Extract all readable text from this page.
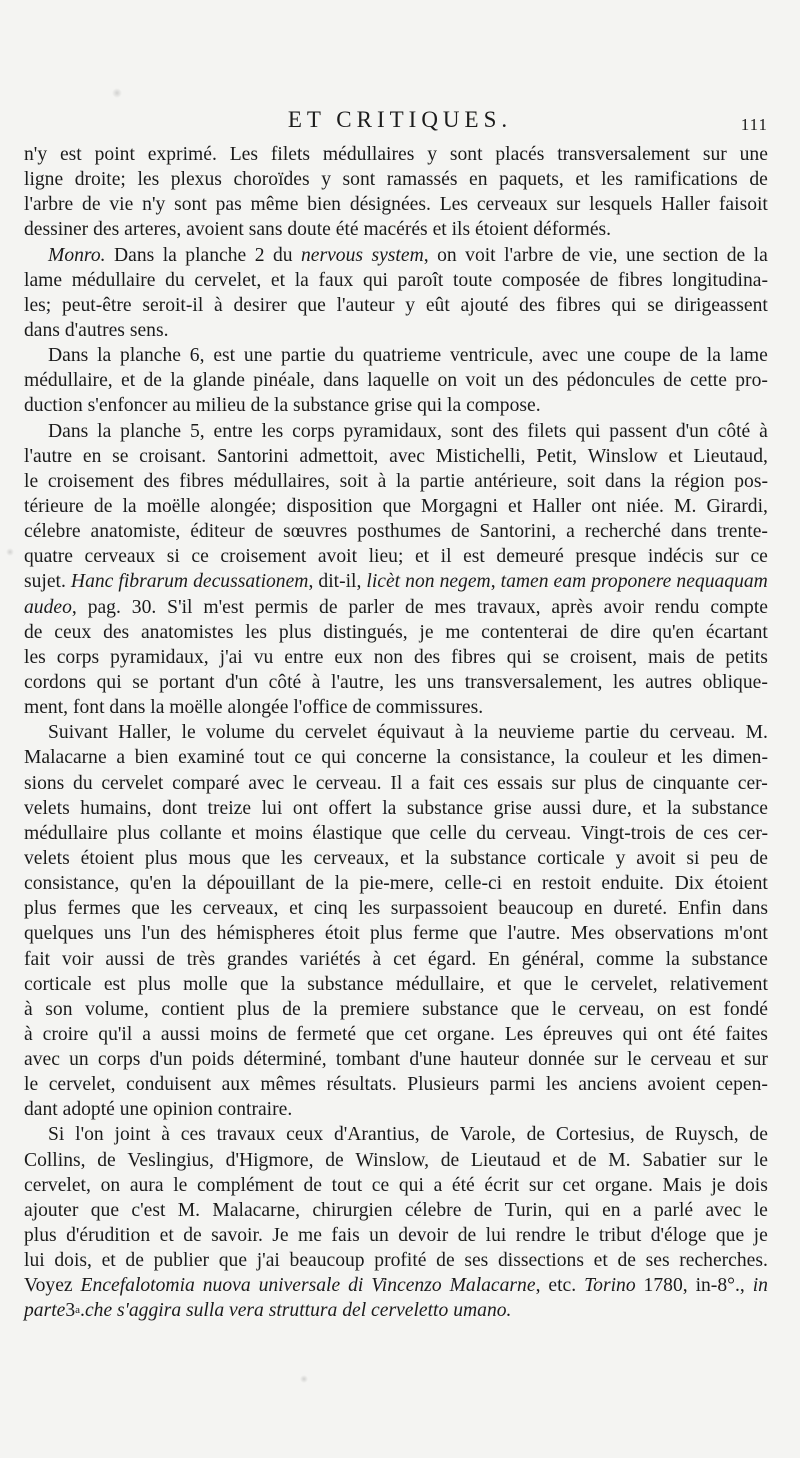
ET CRITIQUES.	111
n'y est point exprimé. Les filets médullaires y sont placés transversalement sur une
ligne droite; les plexus choroïdes y sont ramassés en paquets, et les ramifications de
l'arbre de vie n'y sont pas même bien désignées. Les cerveaux sur lesquels Haller faisoit
dessiner des arteres, avoient sans doute été macérés et ils étoient déformés.
Monro. Dans la planche 2 du nervous system, on voit l'arbre de vie, une section de la
lame médullaire du cervelet, et la faux qui paroît toute composée de fibres longitudina-
les; peut-être seroit-il à desirer que l'auteur y eût ajouté des fibres qui se dirigeassent
dans d'autres sens.
Dans la planche 6, est une partie du quatrieme ventricule, avec une coupe de la lame
médullaire, et de la glande pinéale, dans laquelle on voit un des pédoncules de cette pro-
duction s'enfoncer au milieu de la substance grise qui la compose.
Dans la planche 5, entre les corps pyramidaux, sont des filets qui passent d'un côté à
l'autre en se croisant. Santorini admettoit, avec Mistichelli, Petit, Winslow et Lieutaud,
le croisement des fibres médullaires, soit à la partie antérieure, soit dans la région pos-
térieure de la moëlle alongée; disposition que Morgagni et Haller ont niée. M. Girardi,
célebre anatomiste, éditeur de sœuvres posthumes de Santorini, a recherché dans trente-
quatre cerveaux si ce croisement avoit lieu; et il est demeuré presque indécis sur ce
sujet. Hanc fibrarum decussationem, dit-il, licèt non negem, tamen eam proponere nequaquam
audeo, pag. 30. S'il m'est permis de parler de mes travaux, après avoir rendu compte
de ceux des anatomistes les plus distingués, je me contenterai de dire qu'en écartant
les corps pyramidaux, j'ai vu entre eux non des fibres qui se croisent, mais de petits
cordons qui se portant d'un côté à l'autre, les uns transversalement, les autres oblique-
ment, font dans la moëlle alongée l'office de commissures.
Suivant Haller, le volume du cervelet équivaut à la neuvieme partie du cerveau. M.
Malacarne a bien examiné tout ce qui concerne la consistance, la couleur et les dimen-
sions du cervelet comparé avec le cerveau. Il a fait ces essais sur plus de cinquante cer-
velets humains, dont treize lui ont offert la substance grise aussi dure, et la substance
médullaire plus collante et moins élastique que celle du cerveau. Vingt-trois de ces cer-
velets étoient plus mous que les cerveaux, et la substance corticale y avoit si peu de
consistance, qu'en la dépouillant de la pie-mere, celle-ci en restoit enduite. Dix étoient
plus fermes que les cerveaux, et cinq les surpassoient beaucoup en dureté. Enfin dans
quelques uns l'un des hémispheres étoit plus ferme que l'autre. Mes observations m'ont
fait voir aussi de très grandes variétés à cet égard. En général, comme la substance
corticale est plus molle que la substance médullaire, et que le cervelet, relativement
à son volume, contient plus de la premiere substance que le cerveau, on est fondé
à croire qu'il a aussi moins de fermeté que cet organe. Les épreuves qui ont été faites
avec un corps d'un poids déterminé, tombant d'une hauteur donnée sur le cerveau et sur
le cervelet, conduisent aux mêmes résultats. Plusieurs parmi les anciens avoient cepen-
dant adopté une opinion contraire.
Si l'on joint à ces travaux ceux d'Arantius, de Varole, de Cortesius, de Ruysch, de
Collins, de Veslingius, d'Higmore, de Winslow, de Lieutaud et de M. Sabatier sur le
cervelet, on aura le complément de tout ce qui a été écrit sur cet organe. Mais je dois
ajouter que c'est M. Malacarne, chirurgien célebre de Turin, qui en a parlé avec le
plus d'érudition et de savoir. Je me fais un devoir de lui rendre le tribut d'éloge que je
lui dois, et de publier que j'ai beaucoup profité de ses dissections et de ses recherches.
Voyez Encefalotomia nuova universale di Vincenzo Malacarne, etc. Torino 1780, in-8°., in
parte 3 a . che s'aggira sulla vera struttura del cerveletto umano.
